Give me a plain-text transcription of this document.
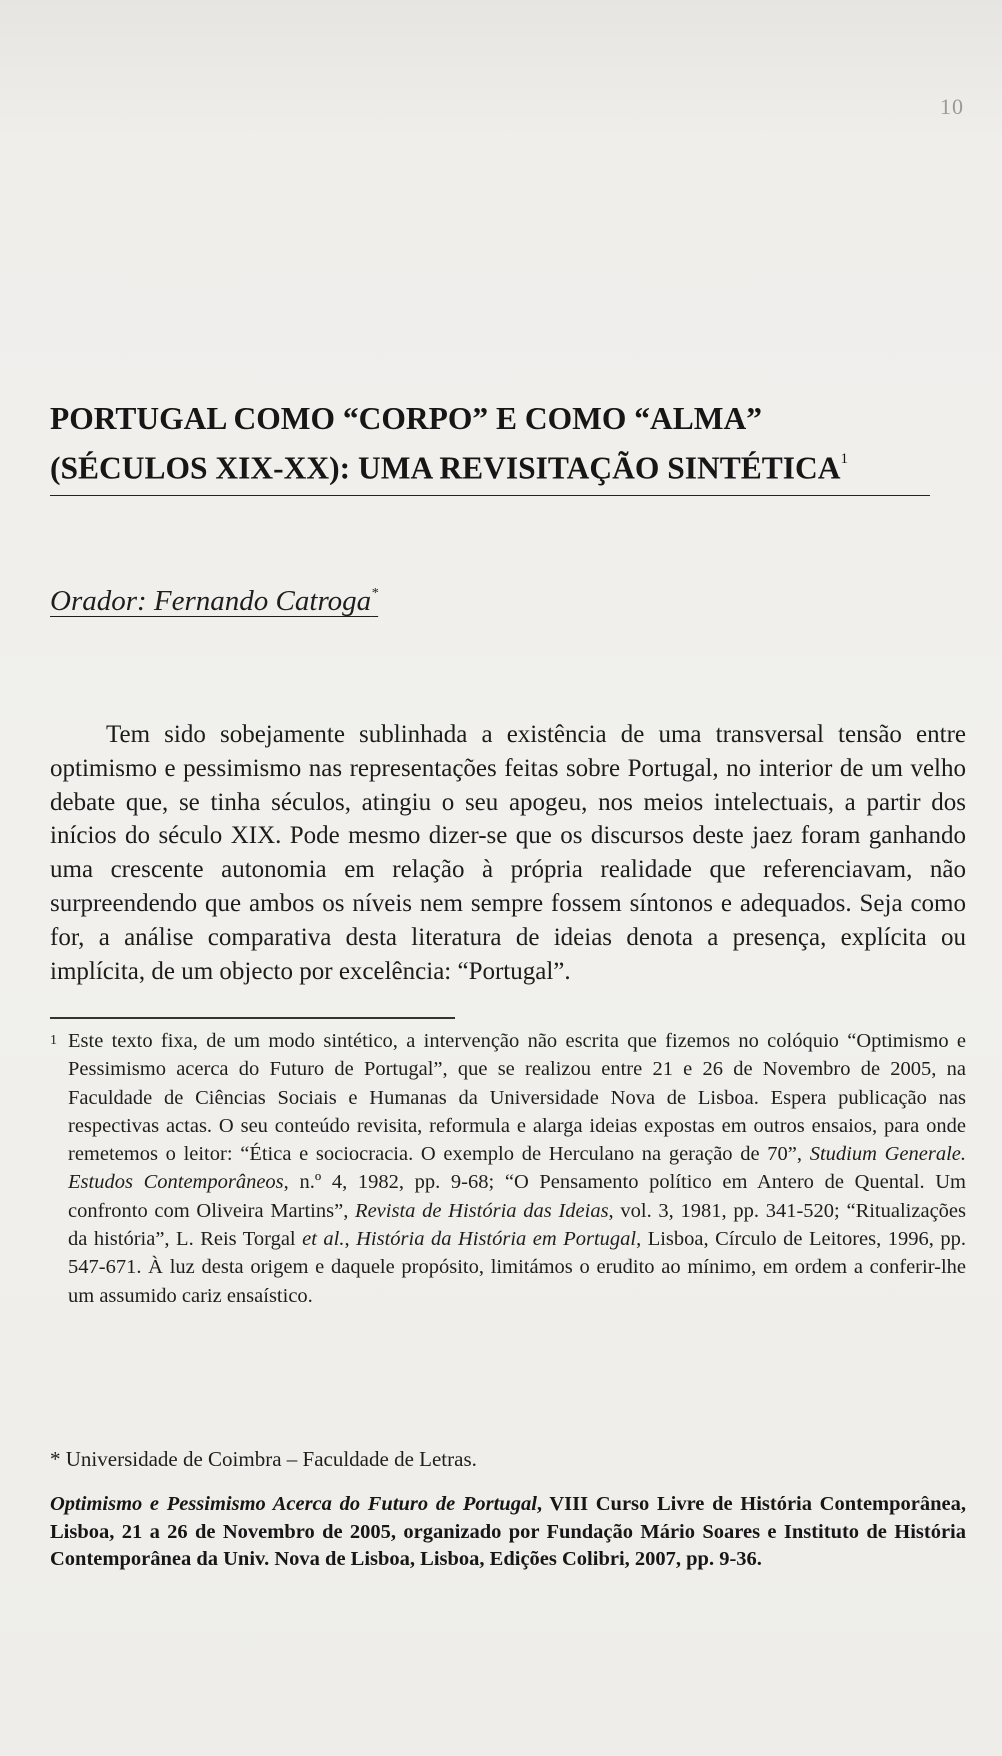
10
PORTUGAL COMO “CORPO” E COMO “ALMA”
(SÉCULOS XIX-XX): UMA REVISITAÇÃO SINTÉTICA$^1$
Orador: Fernando Catroga*

Tem sido sobejamente sublinhada a existência de uma transversal tensão entre optimismo e pessimismo nas representações feitas sobre Portugal, no interior de um velho debate que, se tinha séculos, atingiu o seu apogeu, nos meios intelectuais, a partir dos inícios do século XIX. Pode mesmo dizer-se que os discursos deste jaez foram ganhando uma crescente autonomia em relação à própria realidade que referenciavam, não surpreendendo que ambos os níveis nem sempre fossem síntonos e adequados. Seja como for, a análise comparativa desta literatura de ideias denota a presença, explícita ou implícita, de um objecto por excelência: “Portugal”.

1 Este texto fixa, de um modo sintético, a intervenção não escrita que fizemos no colóquio “Optimismo e Pessimismo acerca do Futuro de Portugal”, que se realizou entre 21 e 26 de Novembro de 2005, na Faculdade de Ciências Sociais e Humanas da Universidade Nova de Lisboa. Espera publicação nas respectivas actas. O seu conteúdo revisita, reformula e alarga ideias expostas em outros ensaios, para onde remetemos o leitor: “Ética e sociocracia. O exemplo de Herculano na geração de 70”, Studium Generale. Estudos Contemporâneos, n.º 4, 1982, pp. 9-68; “O Pensamento político em Antero de Quental. Um confronto com Oliveira Martins”, Revista de História das Ideias, vol. 3, 1981, pp. 341-520; “Ritualizações da história”, L. Reis Torgal et al., História da História em Portugal, Lisboa, Círculo de Leitores, 1996, pp. 547-671. À luz desta origem e daquele propósito, limitámos o erudito ao mínimo, em ordem a conferir-lhe um assumido cariz ensaístico.
* Universidade de Coimbra – Faculdade de Letras.
Optimismo e Pessimismo Acerca do Futuro de Portugal, VIII Curso Livre de História Contemporânea, Lisboa, 21 a 26 de Novembro de 2005, organizado por Fundação Mário Soares e Instituto de História Contemporânea da Univ. Nova de Lisboa, Lisboa, Edições Colibri, 2007, pp. 9-36.
